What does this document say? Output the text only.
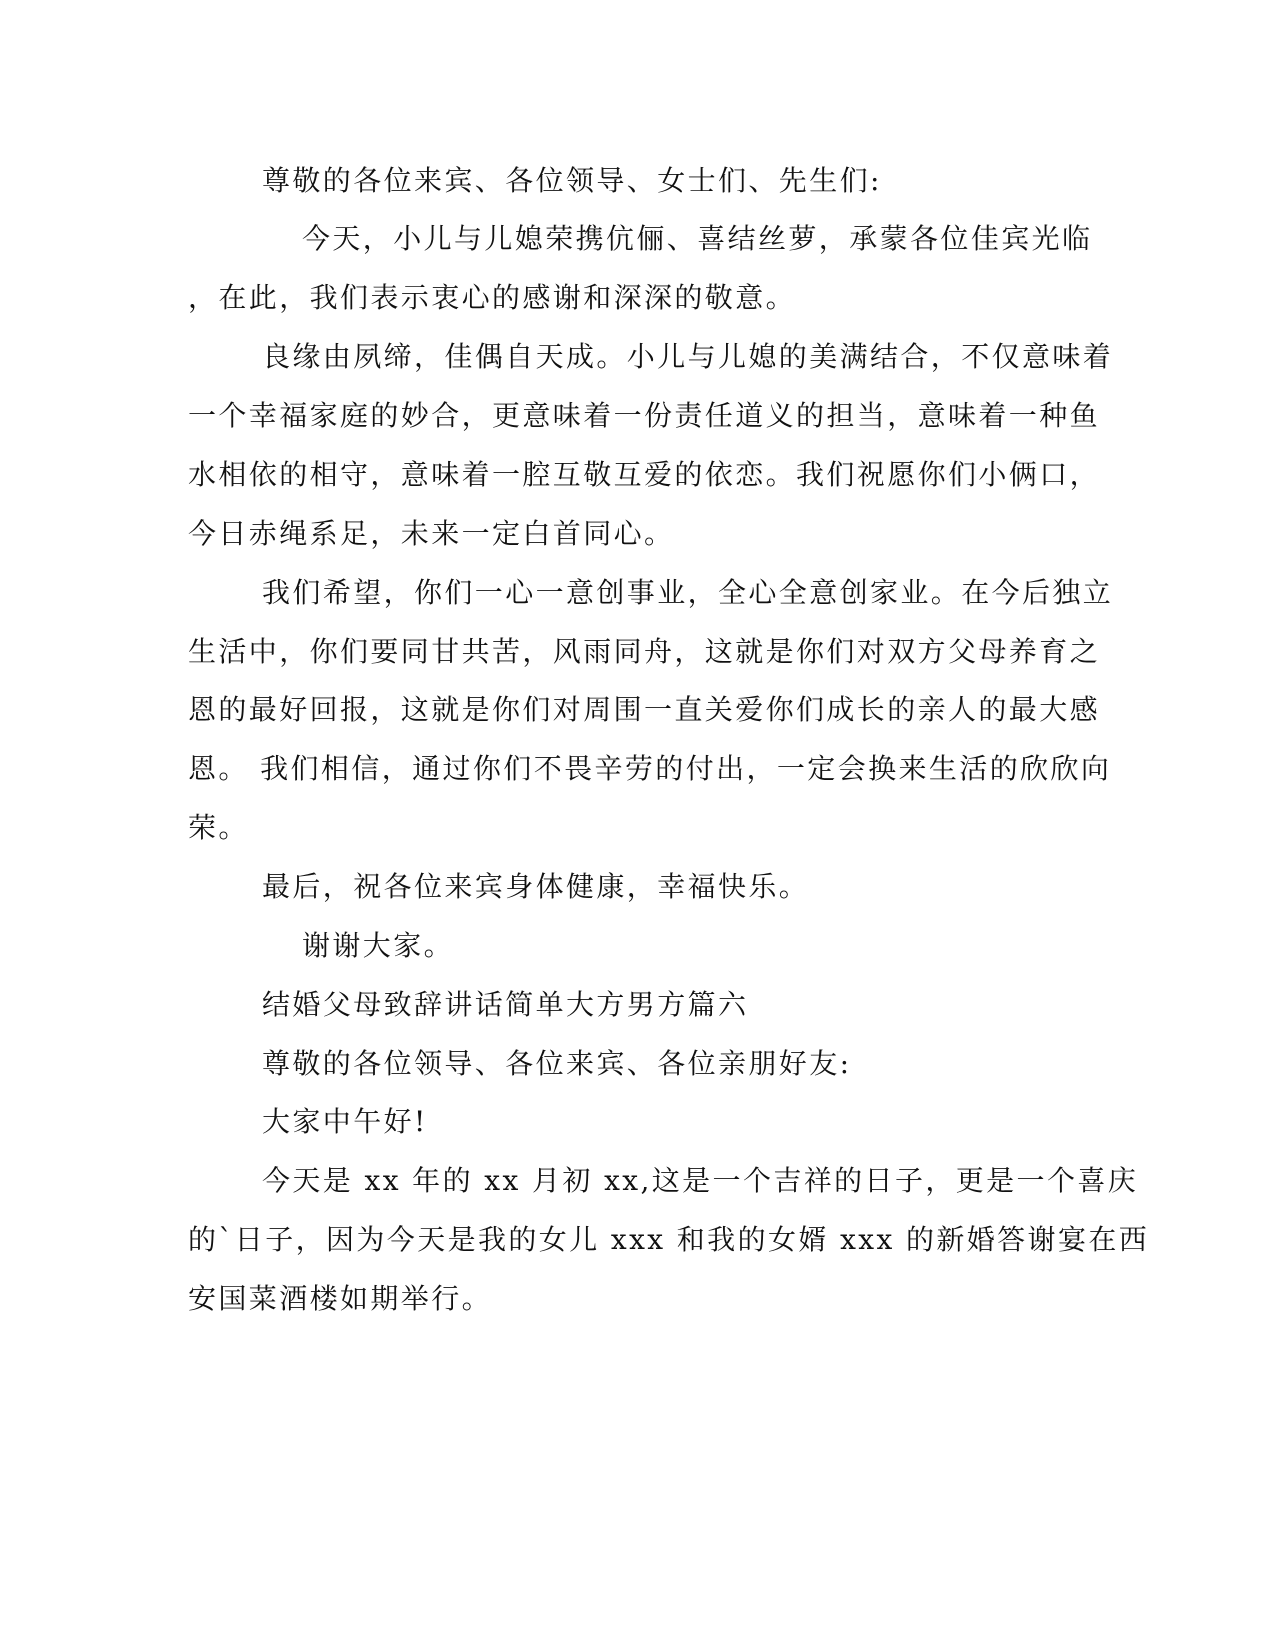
尊敬的各位来宾、各位领导、女士们、先生们:
今天，小儿与儿媳荣携伉俪、喜结丝萝，承蒙各位佳宾光临
，在此，我们表示衷心的感谢和深深的敬意。
良缘由夙缔，佳偶自天成。小儿与儿媳的美满结合，不仅意味着
一个幸福家庭的妙合，更意味着一份责任道义的担当，意味着一种鱼
水相依的相守，意味着一腔互敬互爱的依恋。我们祝愿你们小俩口，
今日赤绳系足，未来一定白首同心。
我们希望，你们一心一意创事业，全心全意创家业。在今后独立
生活中，你们要同甘共苦，风雨同舟，这就是你们对双方父母养育之
恩的最好回报，这就是你们对周围一直关爱你们成长的亲人的最大感
恩。 我们相信，通过你们不畏辛劳的付出，一定会换来生活的欣欣向
荣。
最后，祝各位来宾身体健康，幸福快乐。
谢谢大家。
结婚父母致辞讲话简单大方男方篇六
尊敬的各位领导、各位来宾、各位亲朋好友:
大家中午好!
今天是 xx 年的 xx 月初 xx,这是一个吉祥的日子，更是一个喜庆
的`日子，因为今天是我的女儿 xxx 和我的女婿 xxx 的新婚答谢宴在西
安国菜酒楼如期举行。
